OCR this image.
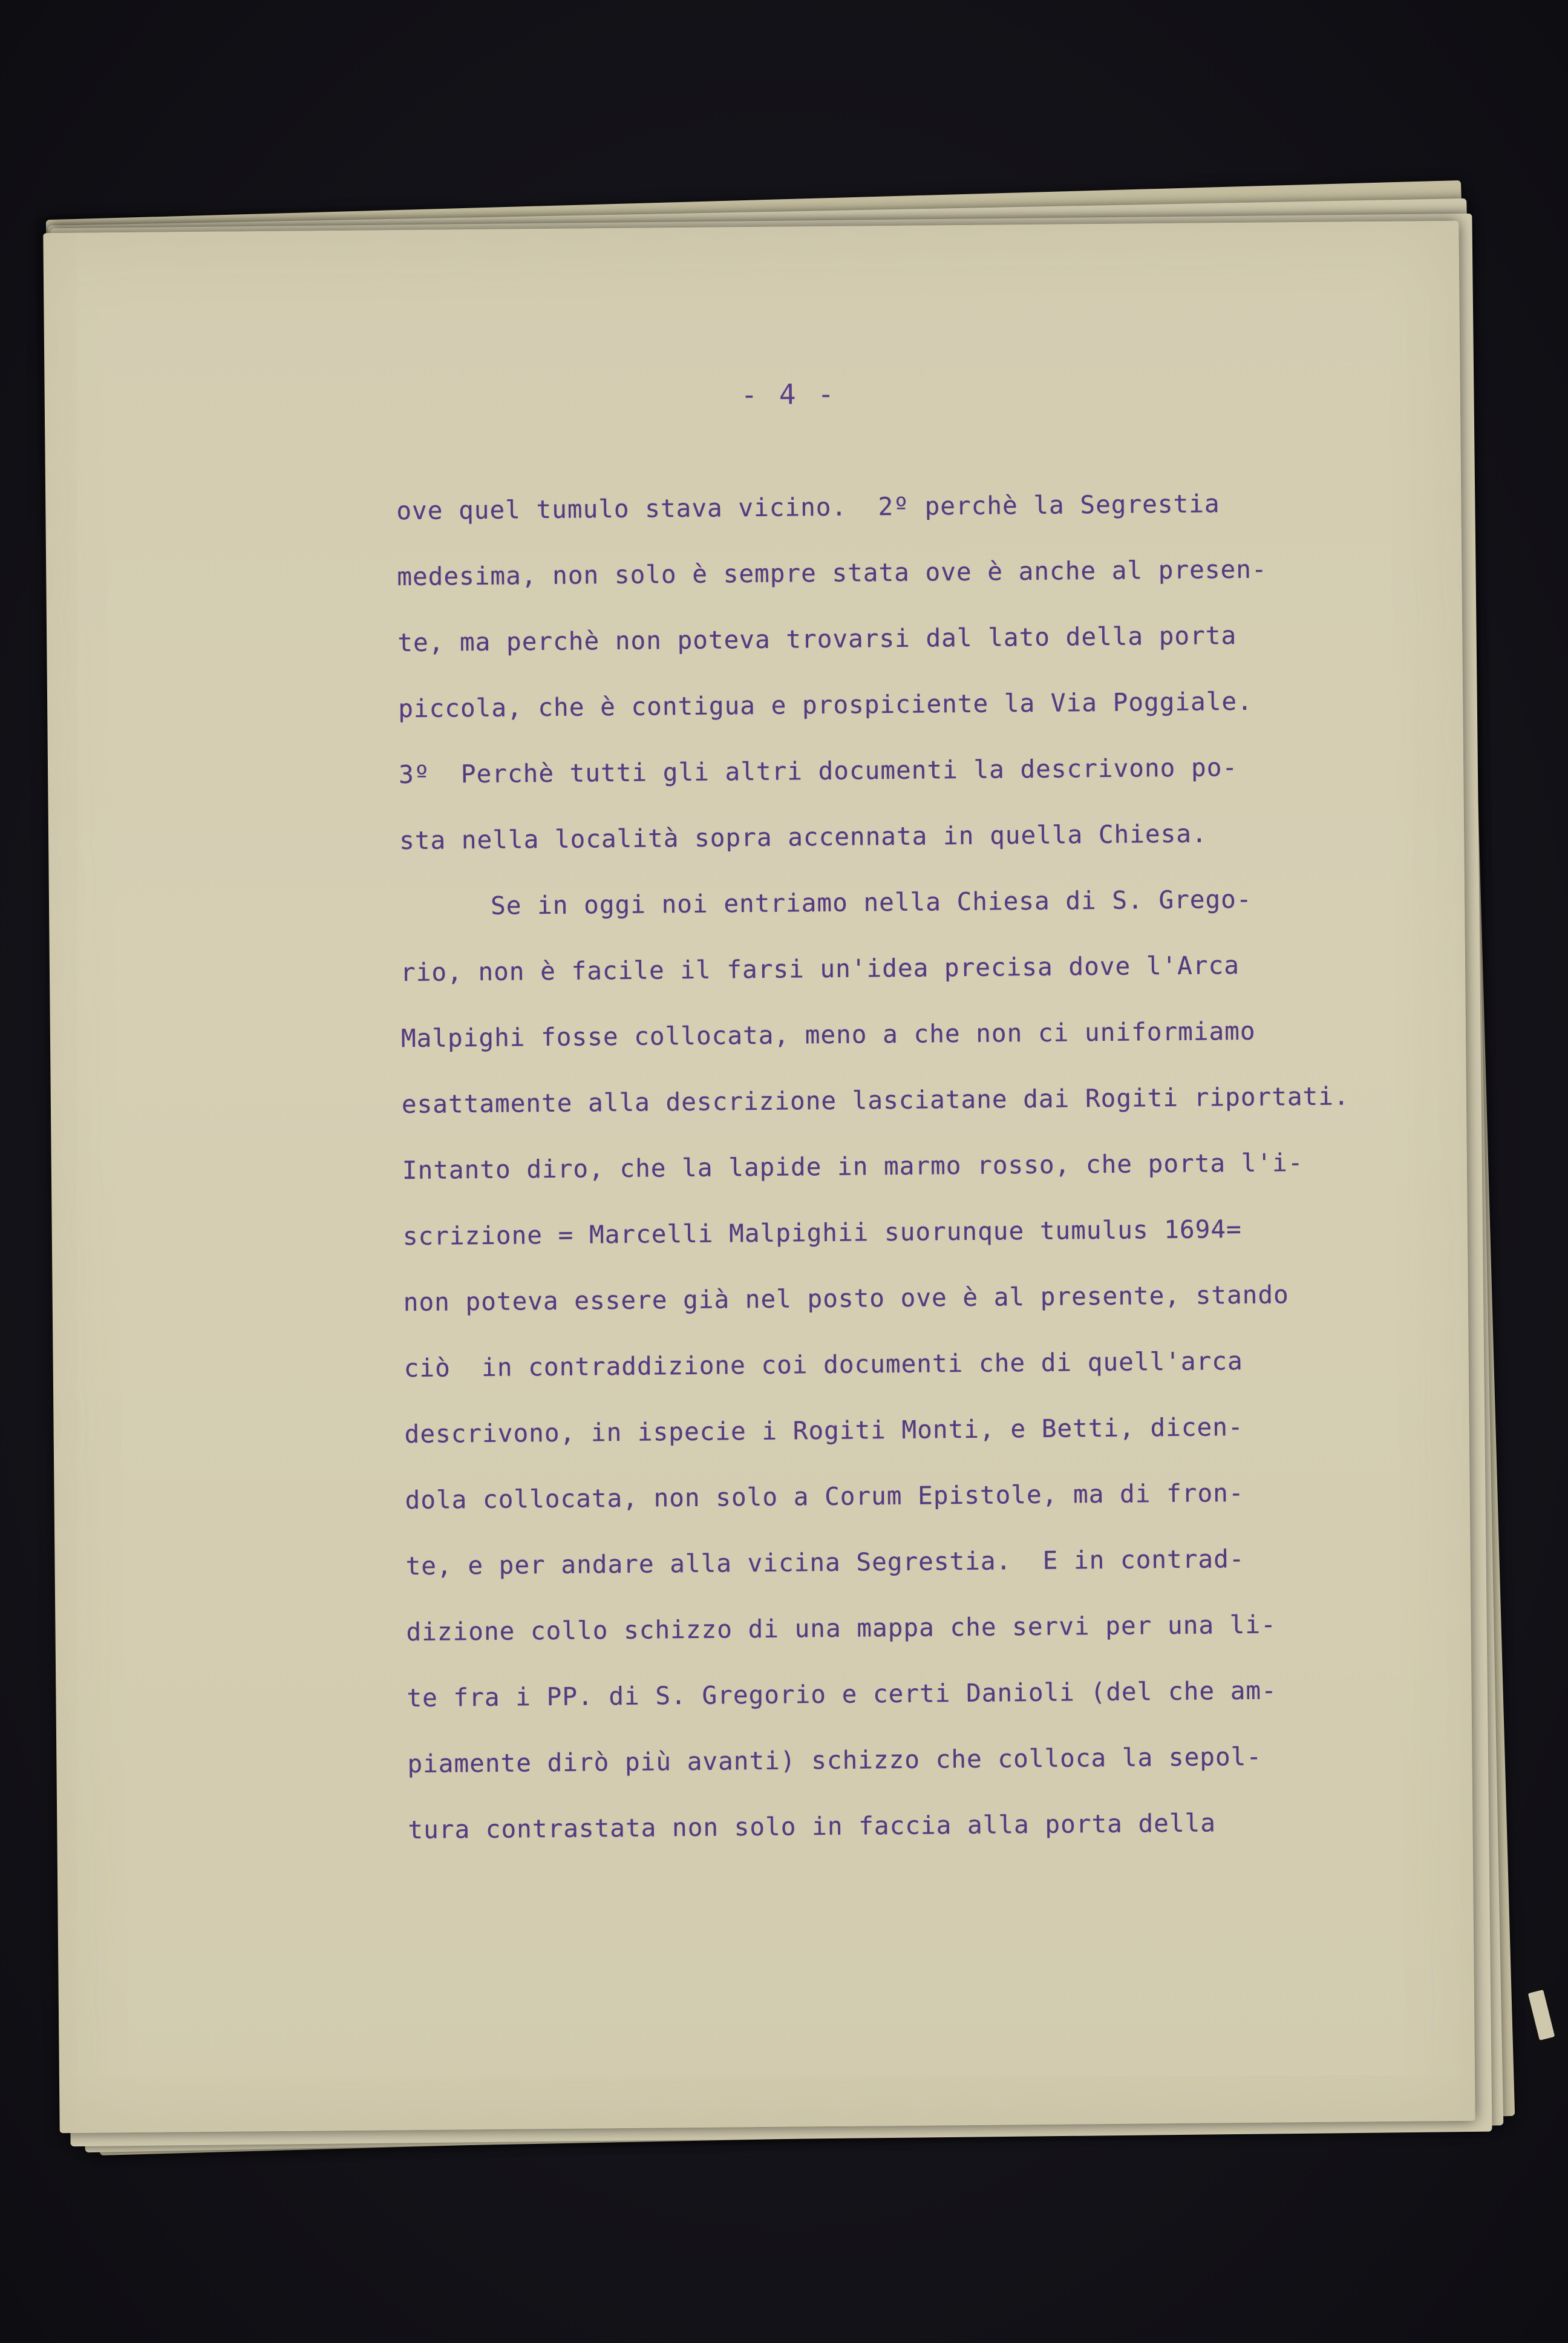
- 4 -
ove quel tumulo stava vicino.  2º perchè la Segrestia
medesima, non solo è sempre stata ove è anche al presen-
te, ma perchè non poteva trovarsi dal lato della porta
piccola, che è contigua e prospiciente la Via Poggiale.
3º  Perchè tutti gli altri documenti la descrivono po-
sta nella località sopra accennata in quella Chiesa.
Se in oggi noi entriamo nella Chiesa di S. Grego-
rio, non è facile il farsi un'idea precisa dove l'Arca
Malpighi fosse collocata, meno a che non ci uniformiamo
esattamente alla descrizione lasciatane dai Rogiti riportati.
Intanto diro, che la lapide in marmo rosso, che porta l'i-
scrizione = Marcelli Malpighii suorunque tumulus 1694=
non poteva essere già nel posto ove è al presente, stando
ciò  in contraddizione coi documenti che di quell'arca
descrivono, in ispecie i Rogiti Monti, e Betti, dicen-
dola collocata, non solo a Corum Epistole, ma di fron-
te, e per andare alla vicina Segrestia.  E in contrad-
dizione collo schizzo di una mappa che servi per una li-
te fra i PP. di S. Gregorio e certi Danioli (del che am-
piamente dirò più avanti) schizzo che colloca la sepol-
tura contrastata non solo in faccia alla porta della
